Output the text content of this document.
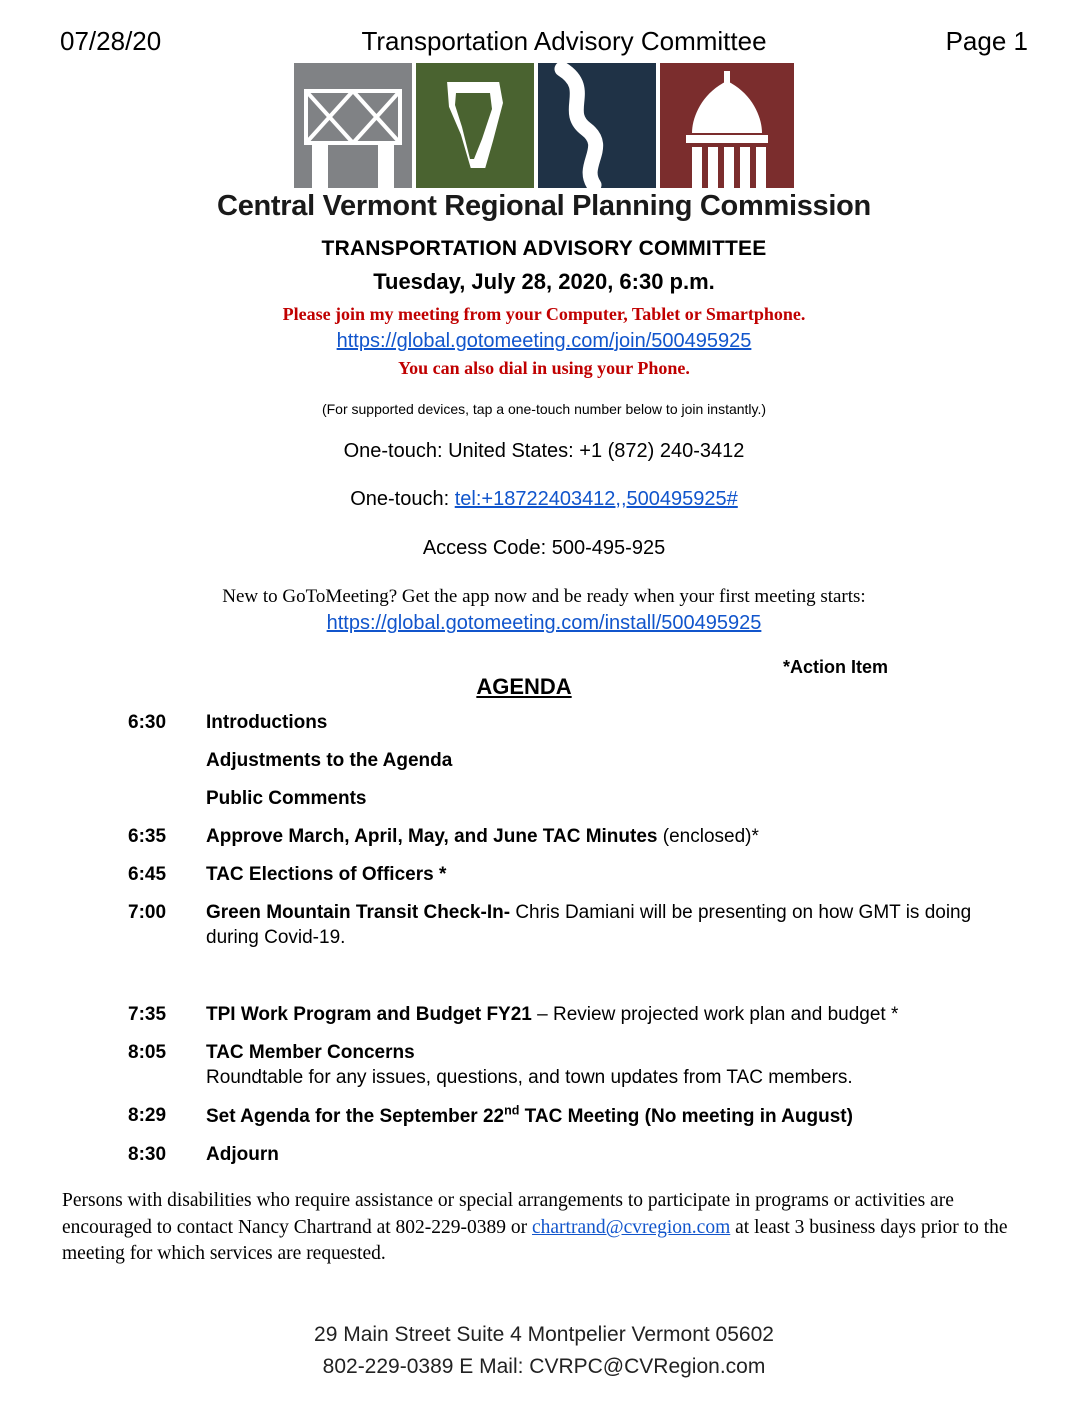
07/28/20	Transportation Advisory Committee	Page 1
Central Vermont Regional Planning Commission
TRANSPORTATION ADVISORY COMMITTEE
Tuesday, July 28, 2020, 6:30 p.m.
Please join my meeting from your Computer, Tablet or Smartphone.
https://global.gotomeeting.com/join/500495925
You can also dial in using your Phone.
(For supported devices, tap a one-touch number below to join instantly.)
One-touch: United States: +1 (872) 240-3412
One-touch: tel:+18722403412,,500495925#
Access Code: 500-495-925
New to GoToMeeting? Get the app now and be ready when your first meeting starts:
https://global.gotomeeting.com/install/500495925
*Action Item
AGENDA
6:30	Introductions
Adjustments to the Agenda
Public Comments
6:35	Approve March, April, May, and June TAC Minutes (enclosed)*
6:45	TAC Elections of Officers *
7:00	Green Mountain Transit Check-In- Chris Damiani will be presenting on how GMT is doing during Covid-19.
7:35	TPI Work Program and Budget FY21 – Review projected work plan and budget *
8:05	TAC Member Concerns
Roundtable for any issues, questions, and town updates from TAC members.
8:29	Set Agenda for the September 22nd TAC Meeting (No meeting in August)
8:30	Adjourn
Persons with disabilities who require assistance or special arrangements to participate in programs or activities are encouraged to contact Nancy Chartrand at 802-229-0389 or chartrand@cvregion.com at least 3 business days prior to the meeting for which services are requested.
29 Main Street Suite 4 Montpelier Vermont 05602
802-229-0389 E Mail: CVRPC@CVRegion.com
